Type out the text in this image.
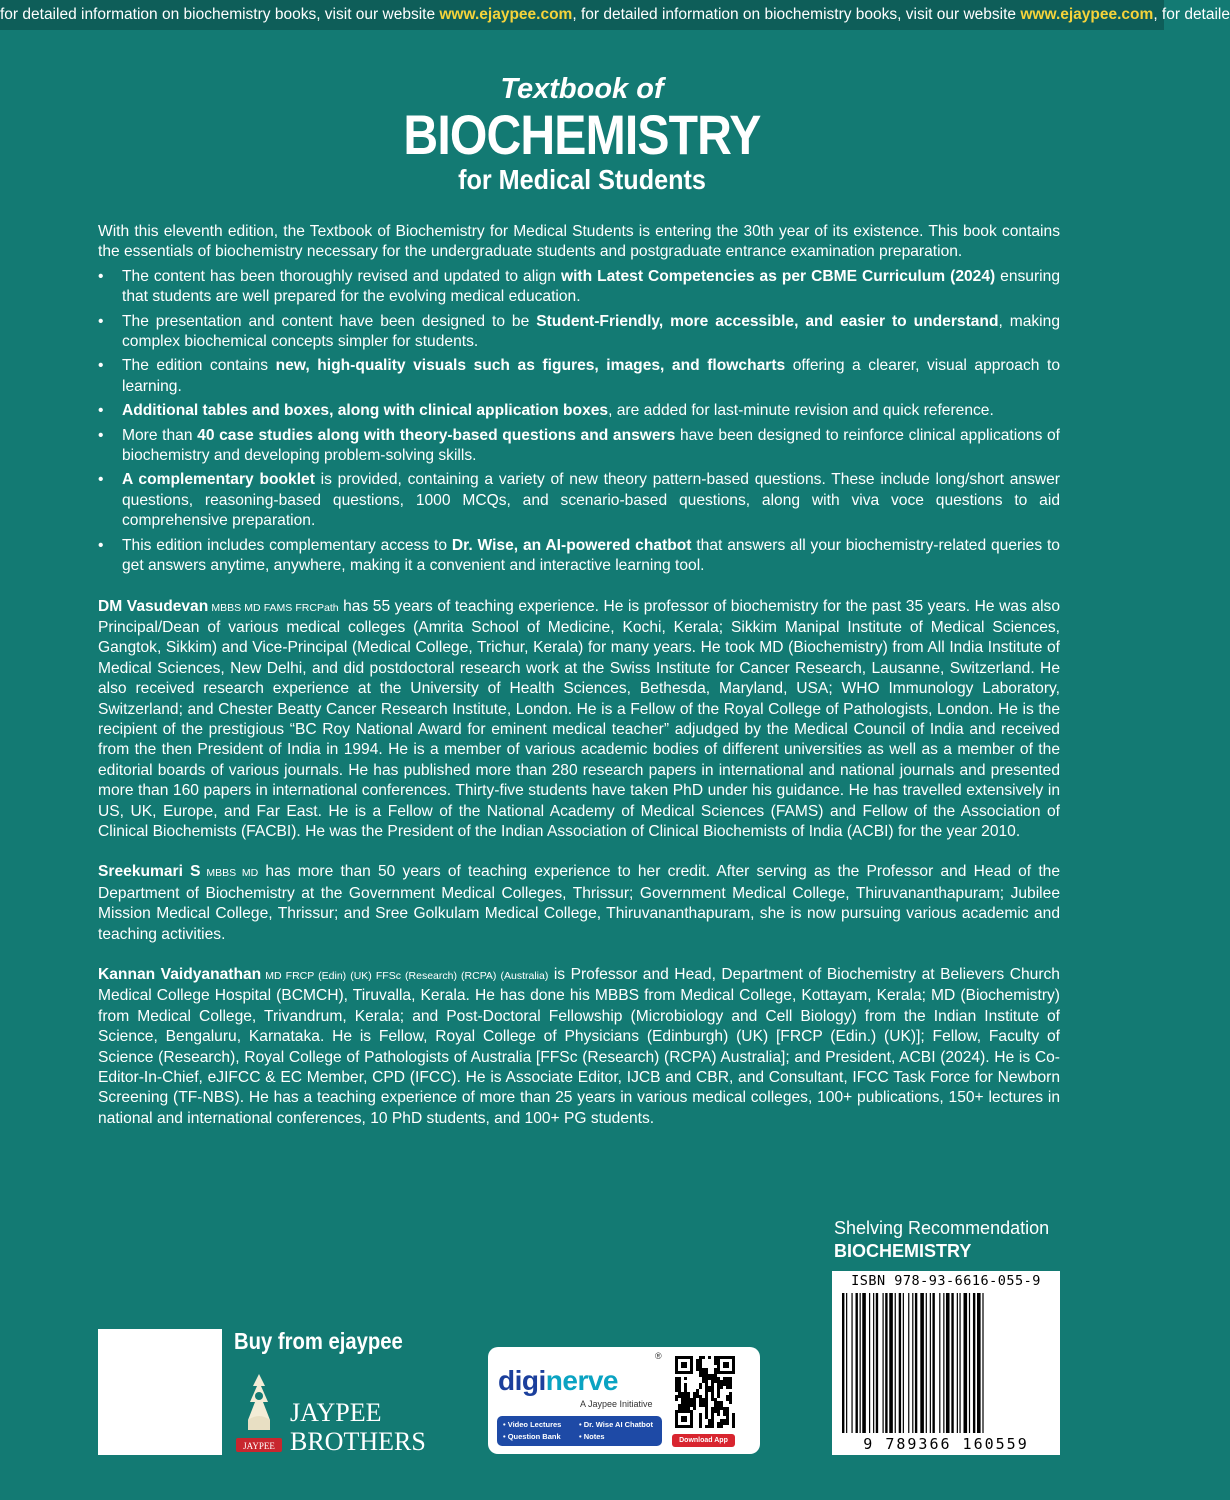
for detailed information on biochemistry books, visit our website www.ejaypee.com, for detailed information on biochemistry books, visit our website www.ejaypee.com, for detaile
Textbook of
BIOCHEMISTRY
for Medical Students

With this eleventh edition, the Textbook of Biochemistry for Medical Students is entering the 30th year of its existence. This book contains the essentials of biochemistry necessary for the undergraduate students and postgraduate entrance examination preparation.

• The content has been thoroughly revised and updated to align with Latest Competencies as per CBME Curriculum (2024) ensuring that students are well prepared for the evolving medical education.
• The presentation and content have been designed to be Student-Friendly, more accessible, and easier to understand, making complex biochemical concepts simpler for students.
• The edition contains new, high-quality visuals such as figures, images, and flowcharts offering a clearer, visual approach to learning.
• Additional tables and boxes, along with clinical application boxes, are added for last-minute revision and quick reference.
• More than 40 case studies along with theory-based questions and answers have been designed to reinforce clinical applications of biochemistry and developing problem-solving skills.
• A complementary booklet is provided, containing a variety of new theory pattern-based questions. These include long/short answer questions, reasoning-based questions, 1000 MCQs, and scenario-based questions, along with viva voce questions to aid comprehensive preparation.
• This edition includes complementary access to Dr. Wise, an AI-powered chatbot that answers all your biochemistry-related queries to get answers anytime, anywhere, making it a convenient and interactive learning tool.

DM Vasudevan MBBS MD FAMS FRCPath has 55 years of teaching experience. He is professor of biochemistry for the past 35 years. He was also Principal/Dean of various medical colleges (Amrita School of Medicine, Kochi, Kerala; Sikkim Manipal Institute of Medical Sciences, Gangtok, Sikkim) and Vice-Principal (Medical College, Trichur, Kerala) for many years. He took MD (Biochemistry) from All India Institute of Medical Sciences, New Delhi, and did postdoctoral research work at the Swiss Institute for Cancer Research, Lausanne, Switzerland. He also received research experience at the University of Health Sciences, Bethesda, Maryland, USA; WHO Immunology Laboratory, Switzerland; and Chester Beatty Cancer Research Institute, London. He is a Fellow of the Royal College of Pathologists, London. He is the recipient of the prestigious “BC Roy National Award for eminent medical teacher” adjudged by the Medical Council of India and received from the then President of India in 1994. He is a member of various academic bodies of different universities as well as a member of the editorial boards of various journals. He has published more than 280 research papers in international and national journals and presented more than 160 papers in international conferences. Thirty-five students have taken PhD under his guidance. He has travelled extensively in US, UK, Europe, and Far East. He is a Fellow of the National Academy of Medical Sciences (FAMS) and Fellow of the Association of Clinical Biochemists (FACBI). He was the President of the Indian Association of Clinical Biochemists of India (ACBI) for the year 2010.

Sreekumari S MBBS MD has more than 50 years of teaching experience to her credit. After serving as the Professor and Head of the Department of Biochemistry at the Government Medical Colleges, Thrissur; Government Medical College, Thiruvananthapuram; Jubilee Mission Medical College, Thrissur; and Sree Golkulam Medical College, Thiruvananthapuram, she is now pursuing various academic and teaching activities.

Kannan Vaidyanathan MD FRCP (Edin) (UK) FFSc (Research) (RCPA) (Australia) is Professor and Head, Department of Biochemistry at Believers Church Medical College Hospital (BCMCH), Tiruvalla, Kerala. He has done his MBBS from Medical College, Kottayam, Kerala; MD (Biochemistry) from Medical College, Trivandrum, Kerala; and Post-Doctoral Fellowship (Microbiology and Cell Biology) from the Indian Institute of Science, Bengaluru, Karnataka. He is Fellow, Royal College of Physicians (Edinburgh) (UK) [FRCP (Edin.) (UK)]; Fellow, Faculty of Science (Research), Royal College of Pathologists of Australia [FFSc (Research) (RCPA) Australia]; and President, ACBI (2024). He is Co-Editor-In-Chief, eJIFCC & EC Member, CPD (IFCC). He is Associate Editor, IJCB and CBR, and Consultant, IFCC Task Force for Newborn Screening (TF-NBS). He has a teaching experience of more than 25 years in various medical colleges, 100+ publications, 150+ lectures in national and international conferences, 10 PhD students, and 100+ PG students.

Shelving Recommendation
BIOCHEMISTRY
ISBN 978-93-6616-055-9
9 789366 160559
Buy from ejaypee
JAYPEE
JAYPEE
BROTHERS
diginerve
®
A Jaypee Initiative
• Video Lectures • Dr. Wise AI Chatbot
• Question Bank • Notes	Download App
